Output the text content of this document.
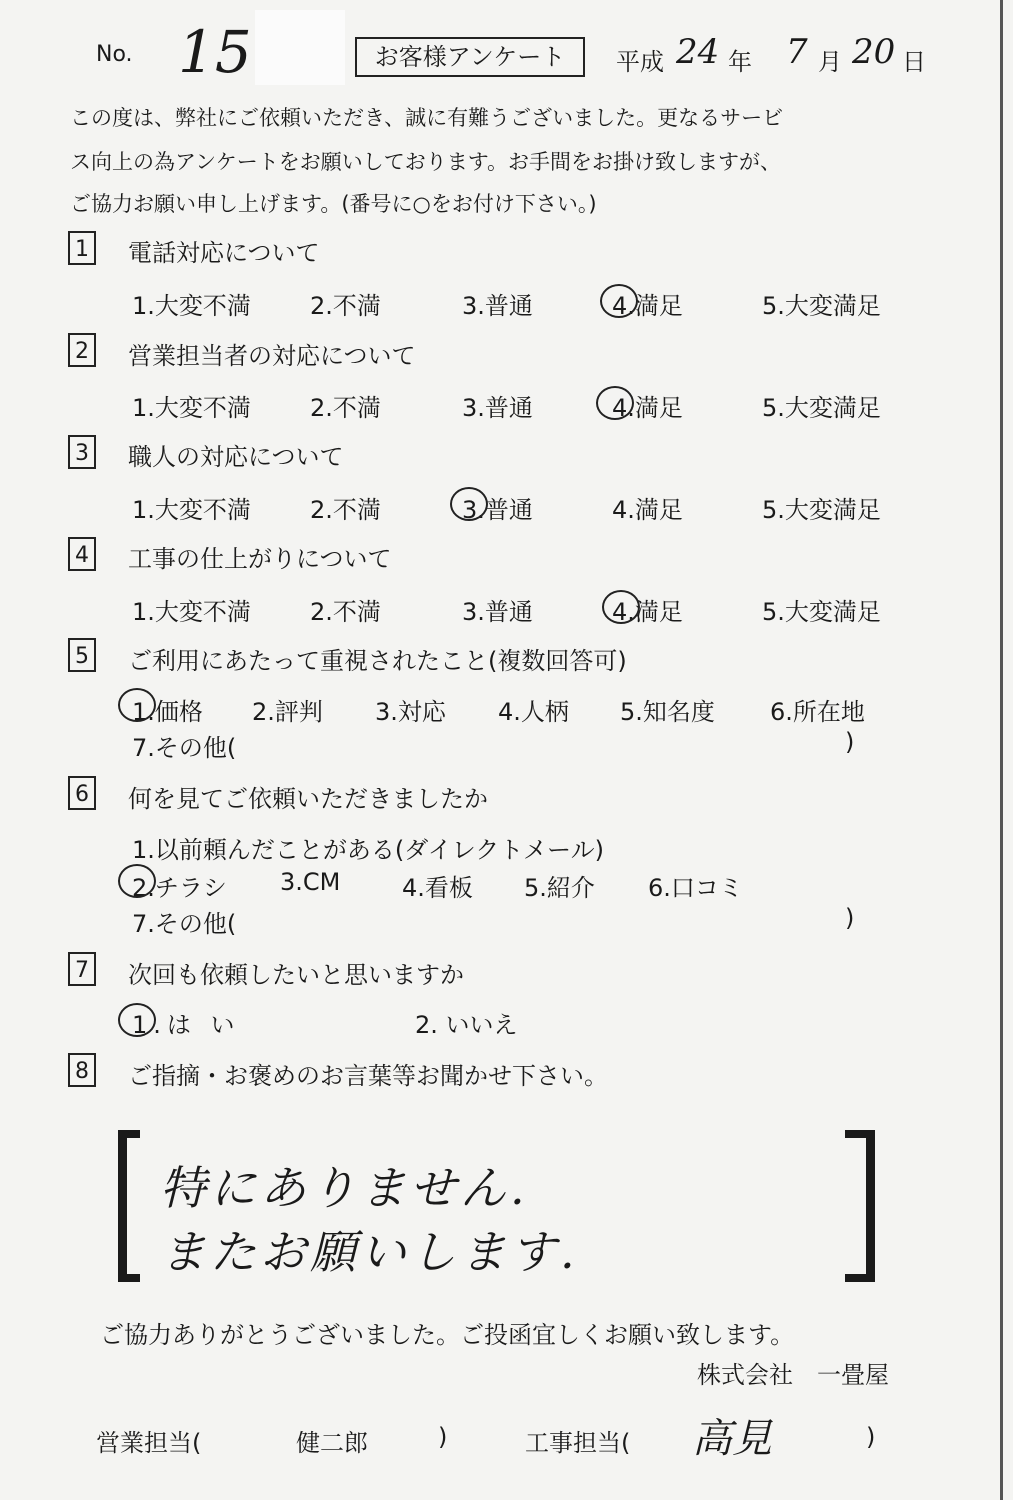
No. 15	お客様アンケート	平成 24 年 7 月 20 日
この度は、弊社にご依頼いただき、誠に有難うございました。更なるサービ
ス向上の為アンケートをお願いしております。お手間をお掛け致しますが、
ご協力お願い申し上げます。(番号に○をお付け下さい。)
1 電話対応について
1.大変不満 2.不満	3.普通	4.満足	5.大変満足
2 営業担当者の対応について
1.大変不満 2.不満	3.普通	4.満足	5.大変満足
3 職人の対応について
1.大変不満 2.不満	3.普通	4.満足	5.大変満足
4 工事の仕上がりについて
1.大変不満 2.不満	3.普通	4.満足	5.大変満足
5 ご利用にあたって重視されたこと(複数回答可)
1.価格 2.評判 3.対応 4.人柄 5.知名度 6.所在地
7.その他(	)
6 何を見てご依頼いただきましたか
1.以前頼んだことがある(ダイレクトメール)
2.チラシ 3.CM	4.看板 5.紹介 6.口コミ
7.その他(	)
7 次回も依頼したいと思いますか
1.は い	2. いいえ
8 ご指摘・お褒めのお言葉等お聞かせ下さい。
特にありません.
またお願いします.
ご協力ありがとうございました。ご投函宜しくお願い致します。
株式会社　一畳屋
営業担当(	健二郎	)	工事担当( 高見	)
